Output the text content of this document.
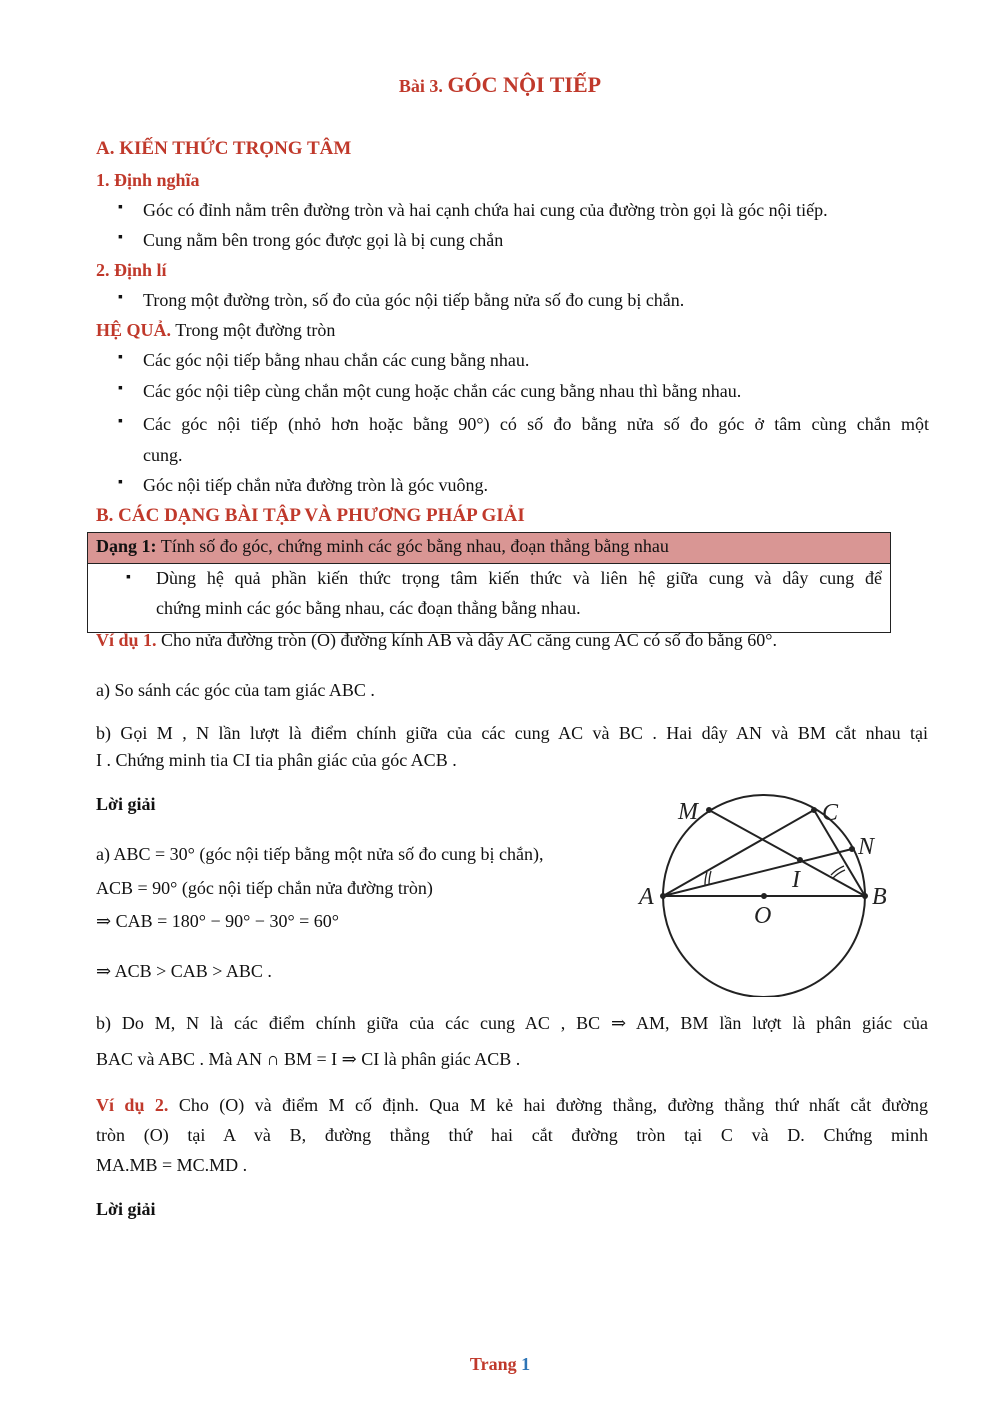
Bài 3. GÓC NỘI TIẾP
A. KIẾN THỨC TRỌNG TÂM
1. Định nghĩa
Góc có đỉnh nằm trên đường tròn và hai cạnh chứa hai cung của đường tròn gọi là góc nội tiếp.
Cung nằm bên trong góc được gọi là bị cung chắn
2. Định lí
Trong một đường tròn, số đo của góc nội tiếp bằng nửa số đo cung bị chắn.
HỆ QUẢ. Trong một đường tròn
Các góc nội tiếp bằng nhau chắn các cung bằng nhau.
Các góc nội tiêp cùng chắn một cung hoặc chắn các cung bằng nhau thì bằng nhau.
Các góc nội tiếp (nhỏ hơn hoặc bằng 90°) có số đo bằng nửa số đo góc ở tâm cùng chắn một
cung.
Góc nội tiếp chắn nửa đường tròn là góc vuông.
B. CÁC DẠNG BÀI TẬP VÀ PHƯƠNG PHÁP GIẢI
Dạng 1: Tính số đo góc, chứng minh các góc bằng nhau, đoạn thẳng bằng nhau
▪ Dùng hệ quả phần kiến thức trọng tâm kiến thức và liên hệ giữa cung và dây cung để
chứng minh các góc bằng nhau, các đoạn thẳng bằng nhau.
Ví dụ 1. Cho nửa đường tròn (O) đường kính AB và dây AC căng cung AC có số đo bằng 60°.
a) So sánh các góc của tam giác ABC .
b) Gọi M , N lần lượt là điểm chính giữa của các cung AC và BC . Hai dây AN và BM cắt nhau tại
I . Chứng minh tia CI tia phân giác của góc ACB .
Lời giải
a) ABC = 30° (góc nội tiếp bằng một nửa số đo cung bị chắn),
ACB = 90° (góc nội tiếp chắn nửa đường tròn)
⇒ CAB = 180° − 90° − 30° = 60°
⇒ ACB > CAB > ABC .
M	C
N
I
A
O
B
b) Do M, N là các điểm chính giữa của các cung AC , BC ⇒ AM, BM lần lượt là phân giác của
BAC và ABC . Mà AN ∩ BM = I ⇒ CI là phân giác ACB .
Ví dụ 2. Cho (O) và điểm M cố định. Qua M kẻ hai đường thẳng, đường thẳng thứ nhất cắt đường
tròn (O) tại A và B, đường thẳng thứ hai cắt đường tròn tại C và D. Chứng minh
MA.MB = MC.MD .
Lời giải
Trang 1
